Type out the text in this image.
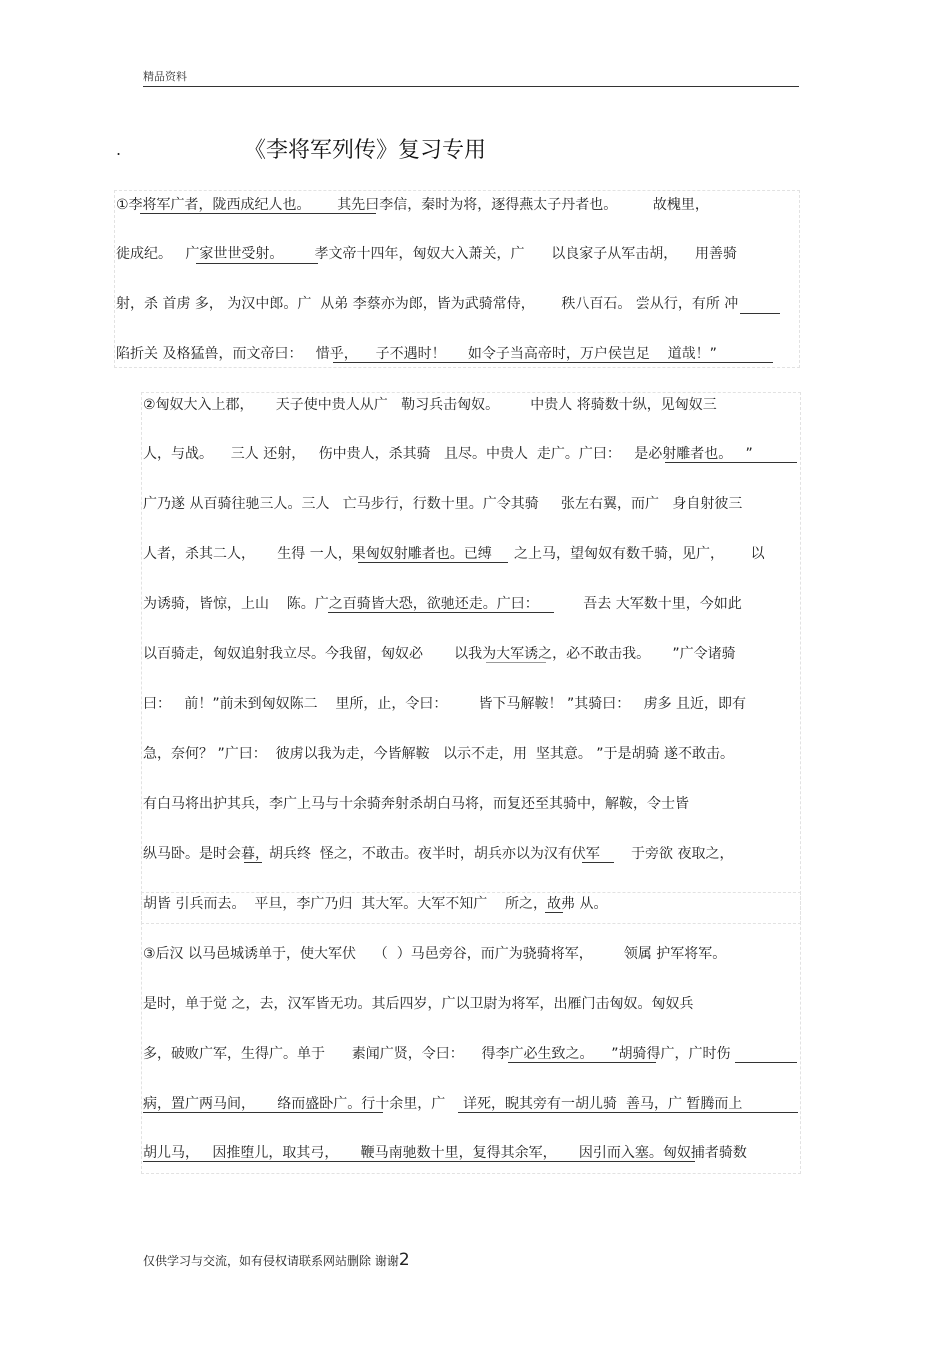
精品资料
.	《李将军列传》复习专用
①李将军广者，陇西成纪人也。      其先曰李信，秦时为将，逐得燕太子丹者也。        故槐里，
徙成纪。   广家世世受射。       孝文帝十四年，匈奴大入萧关，广      以良家子从军击胡，    用善骑
射，杀 首虏 多， 为汉中郎。广  从弟 李蔡亦为郎，皆为武骑常侍，      秩八百石。 尝从行，有所 冲
陷折关 及格猛兽，而文帝曰：   惜乎，    子不遇时！     如令子当高帝时，万户侯岂足    道哉！”
②匈奴大入上郡，     天子使中贵人从广   勒习兵击匈奴。       中贵人 将骑数十纵，见匈奴三
人，与战。    三人 还射，   伤中贵人，杀其骑   且尽。中贵人  走广。广曰：   是必射雕者也。   ”
广乃遂 从百骑往驰三人。三人   亡马步行，行数十里。广令其骑     张左右翼，而广   身自射彼三
人者，杀其二人，     生得 一人，果匈奴射雕者也。已缚     之上马，望匈奴有数千骑，见广，      以
为诱骑，皆惊，上山    陈。广之百骑皆大恐，欲驰还走。广曰：          吾去 大军数十里，今如此
以百骑走，匈奴追射我立尽。今我留，匈奴必       以我为大军诱之，必不敢击我。     ”广令诸骑
曰：   前！”前未到匈奴陈二    里所，止，令曰：       皆下马解鞍！ ”其骑曰：   虏多 且近，即有
急，奈何？ ”广曰：  彼虏以我为走，今皆解鞍   以示不走，用  坚其意。 ”于是胡骑 遂不敢击。
有白马将出护其兵，李广上马与十余骑奔射杀胡白马将，而复还至其骑中，解鞍，令士皆
纵马卧。是时会暮，胡兵终  怪之，不敢击。夜半时，胡兵亦以为汉有伏军       于旁欲 夜取之，
胡皆 引兵而去。  平旦，李广乃归  其大军。大军不知广    所之，故弗 从。
③后汉 以马邑城诱单于，使大军伏    （  ）马邑旁谷，而广为骁骑将军，       领属 护军将军。
是时，单于觉 之，去，汉军皆无功。其后四岁，广以卫尉为将军，出雁门击匈奴。匈奴兵
多，破败广军，生得广。单于      素闻广贤，令曰：    得李广必生致之。    ”胡骑得广，广时伤
病，置广两马间，     络而盛卧广。行十余里，广    详死，睨其旁有一胡儿骑  善马，广 暂腾而上
胡儿马，   因推堕儿，取其弓，     鞭马南驰数十里，复得其余军，     因引而入塞。匈奴捕者骑数
仅供学习与交流，如有侵权请联系网站删除 谢谢2
